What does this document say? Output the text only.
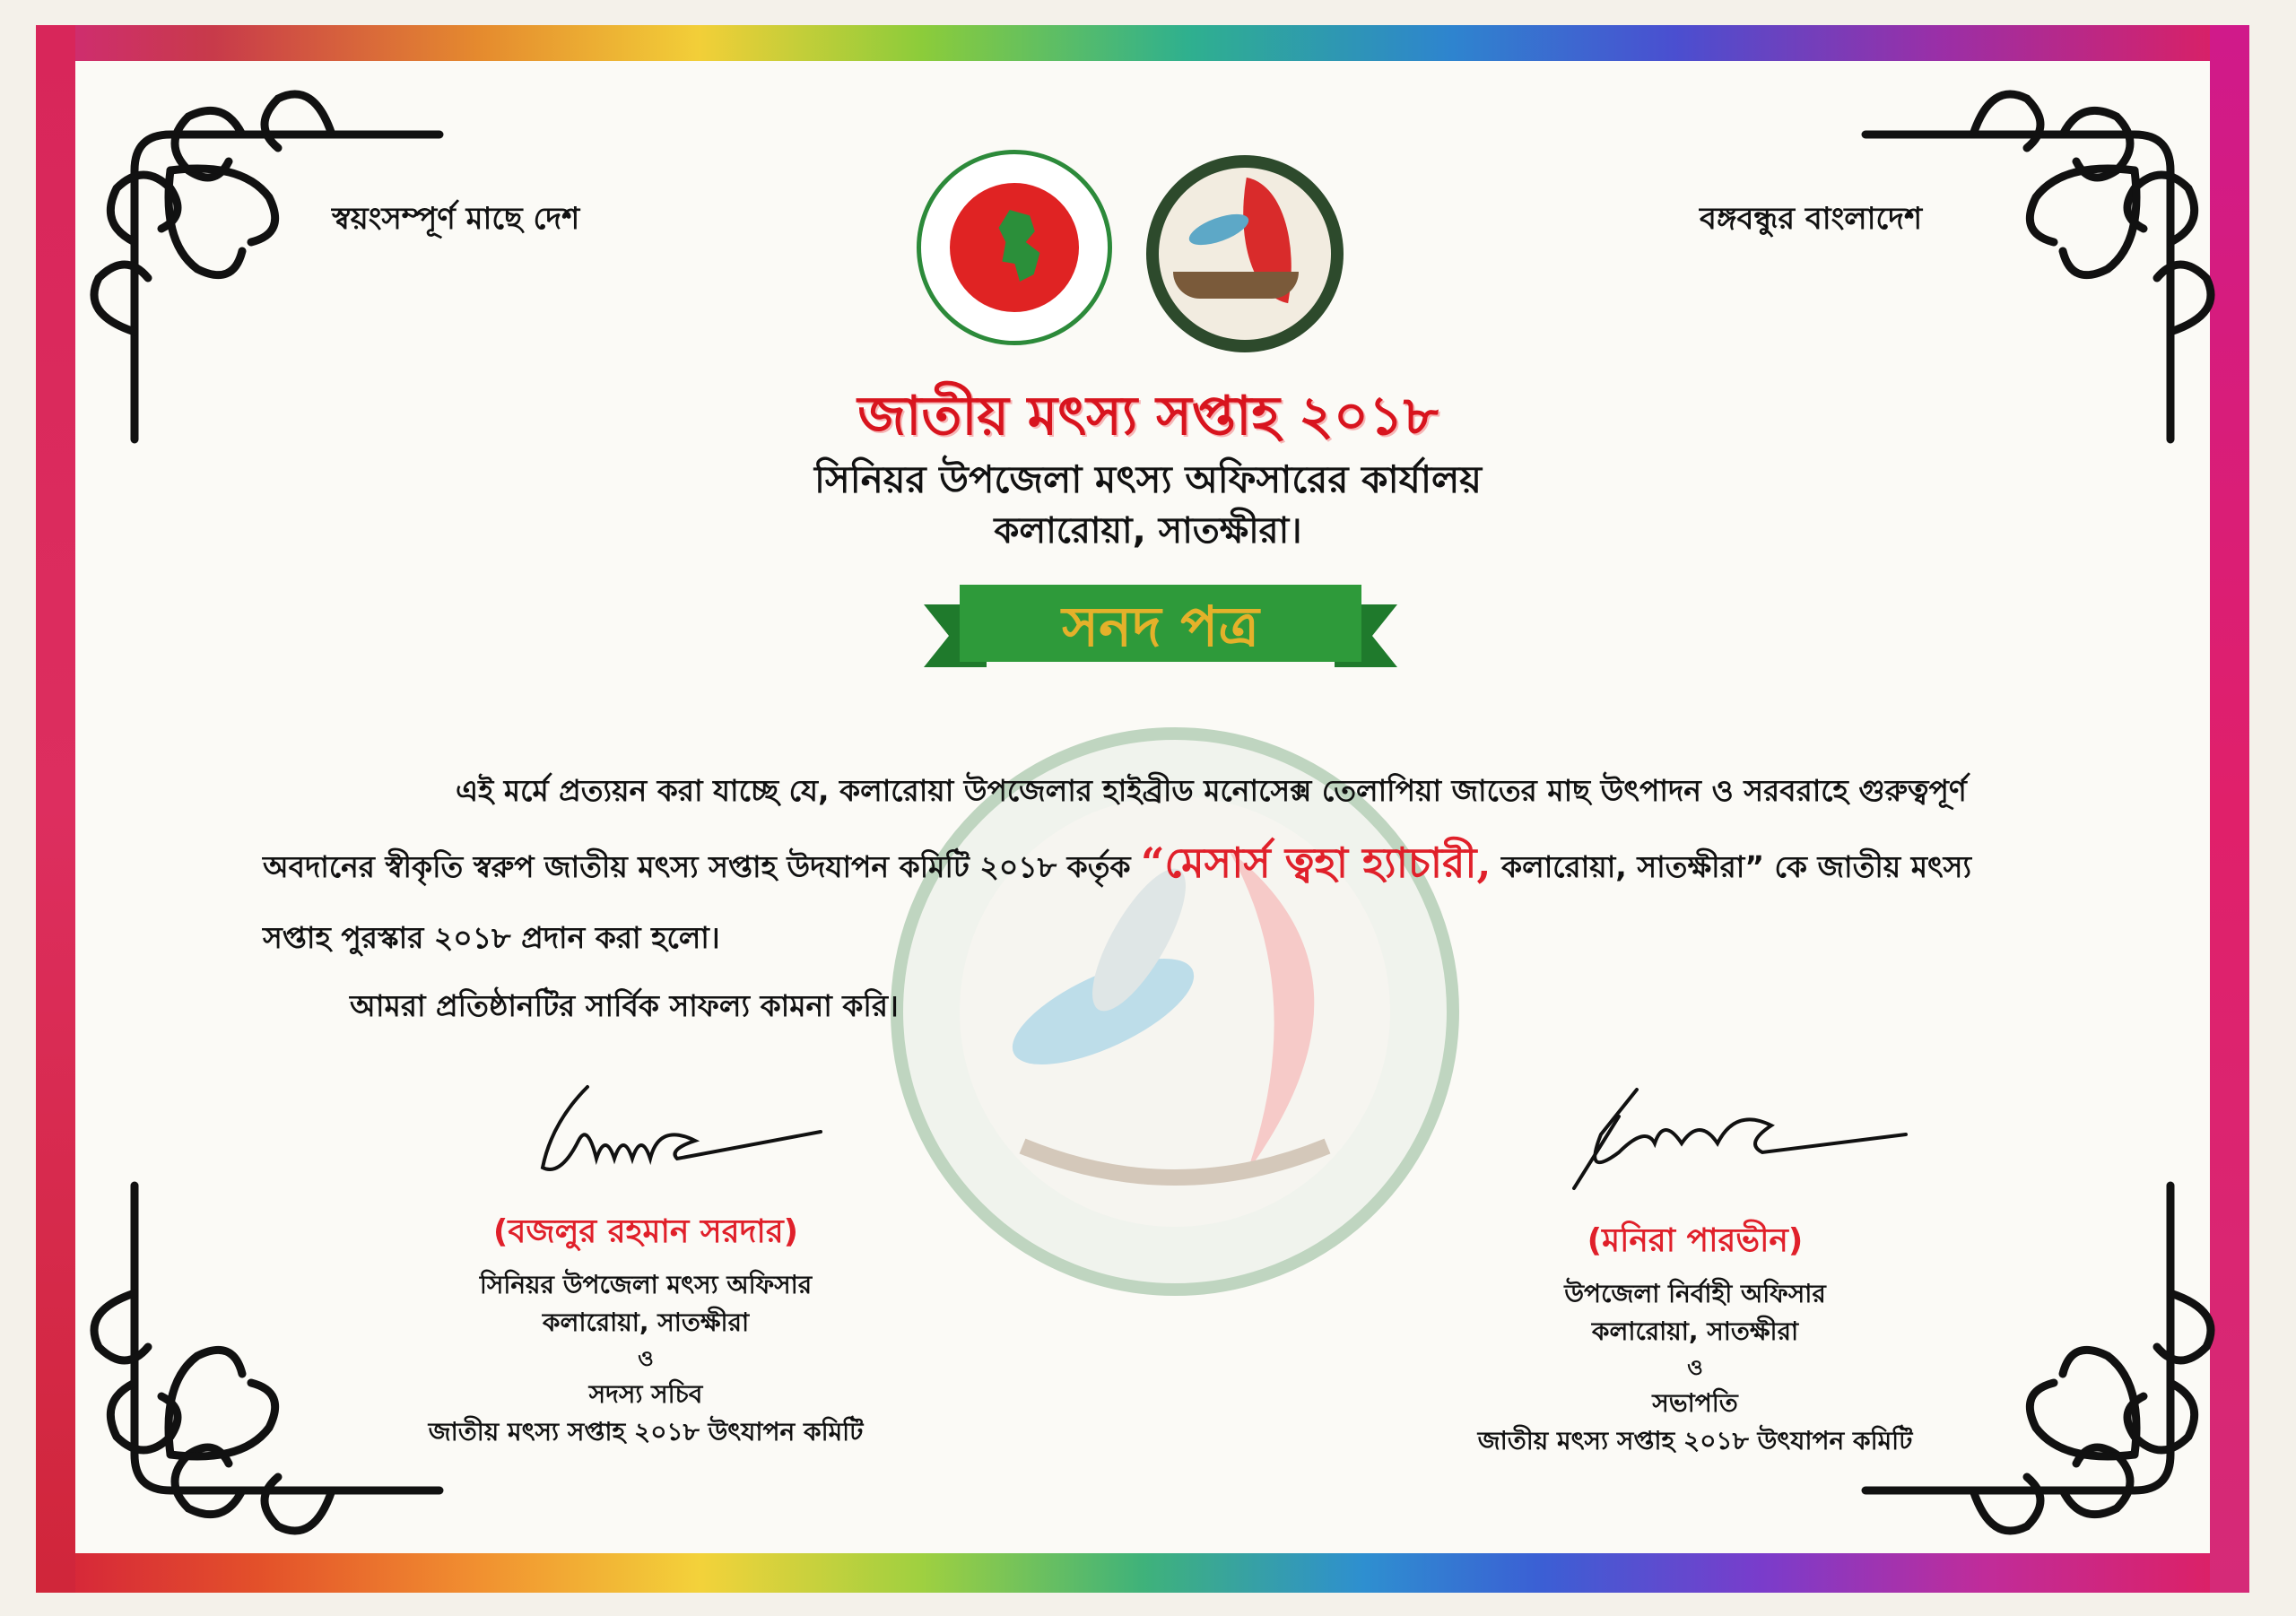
স্বয়ংসম্পূর্ণ মাছে দেশ	বঙ্গবন্ধুর বাংলাদেশ
জাতীয় মৎস্য সপ্তাহ ২০১৮
সিনিয়র উপজেলা মৎস্য অফিসারের কার্যালয়
কলারোয়া, সাতক্ষীরা।
সনদ পত্র
এই মর্মে প্রত্যয়ন করা যাচ্ছে যে, কলারোয়া উপজেলার হাইব্রীড মনোসেক্স তেলাপিয়া জাতের মাছ উৎপাদন ও সরবরাহে গুরুত্বপূর্ণ
অবদানের স্বীকৃতি স্বরুপ জাতীয় মৎস্য সপ্তাহ উদযাপন কমিটি ২০১৮ কর্তৃক “মেসার্স ত্বহা হ্যাচারী, কলারোয়া, সাতক্ষীরা” কে জাতীয় মৎস্য
সপ্তাহ পুরস্কার ২০১৮ প্রদান করা হলো।
আমরা প্রতিষ্ঠানটির সার্বিক সাফল্য কামনা করি।
(বজলুর রহমান সরদার)
সিনিয়র উপজেলা মৎস্য অফিসার
কলারোয়া, সাতক্ষীরা
ও
সদস্য সচিব
জাতীয় মৎস্য সপ্তাহ ২০১৮ উৎযাপন কমিটি
(মনিরা পারভীন)
উপজেলা নির্বাহী অফিসার
কলারোয়া, সাতক্ষীরা
ও
সভাপতি
জাতীয় মৎস্য সপ্তাহ ২০১৮ উৎযাপন কমিটি
